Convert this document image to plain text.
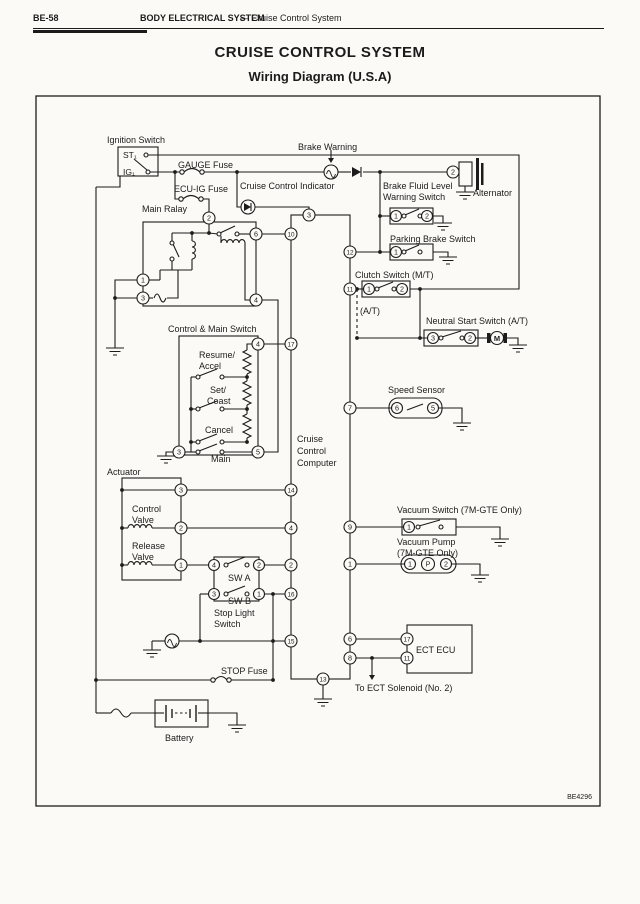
BE-58	BODY ELECTRICAL SYSTEM
— Cruise Control System
CRUISE CONTROL SYSTEM
Wiring Diagram (U.S.A)
M
2
6
4
1
3
3
10
17
14
4
2
16
15
13
12
11
7
9
1
6
8
4
5
3
3
2
1	4	2
3	1
1	2
1
1	2
3	2
6	5
1
1 P 2
2
17
11
Ignition Switch
ST₁
IG₁
GAUGE Fuse
ECU-IG Fuse Cruise Control Indicator
Brake Warning
Main Ralay
Brake Fluid Level
Warning Switch	Alternator
Parking Brake Switch
Clutch Switch (M/T)
(A/T)
Neutral Start Switch (A/T)
Control & Main Switch
Resume/
Accel
Set/
Coast
Cancel
Main
Cruise
Control
Computer
Speed Sensor
Actuator
Control
Valve
Release
Valve
SW A
SW B
Stop Light
Switch
Vacuum Switch (7M-GTE Only)
Vacuum Pump
(7M-GTE Only)
ECT ECU
To ECT Solenoid (No. 2)
STOP Fuse
Battery
BE4296
